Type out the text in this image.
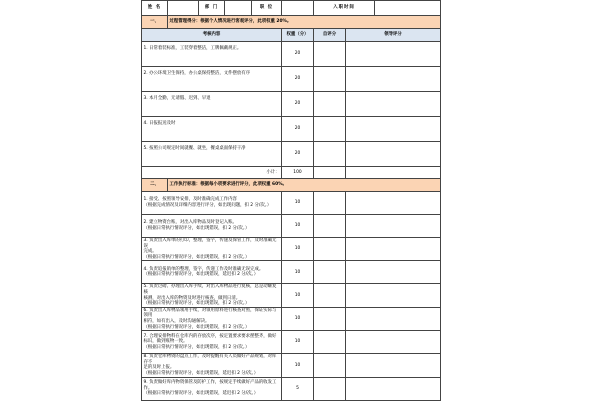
姓 名		部 门		职 位		入职时间		
一、	过程管理得分：根据个人情况进行客观评分，此项权重 20%。							
考核内容					权重（分）	自评分	领导评分	
1. 日常着装标准，工装穿着整洁，工牌佩戴规正。					20			
2. 办公环境卫生保持，办公桌保持整洁，文件摆放有序					20			
3. 本月全勤，无请假、迟到、早退					20			
4. 日报报送及时					20			
5. 按照公司规定时间就餐、就坐，餐桌桌面保持干净					20			
小计：					100			
二、	工作执行标准：根据每小项要求进行评分，此项权重 60%。							

1. 接受、按照领导安排，及时准确完成工作内容
（根据完成情况及详细内容进行评分，如出现问题，扣 2 分/次。）					10			

2. 建立物资台账，对出入库物品及时登记入账。
（根据日常执行情况评分，如出现错误，扣 2 分/次。）					10			

3. 负责出入库单的打印，整理，签字，传递及保管工作，及时准确无误
完成。
（根据日常执行情况评分，如出现错误，扣 2 分/次。）					10			

4. 负责追报销单的整理，签字，传递工作及时准确无误完成。
（根据日常执行情况评分，如出现错误，延迟扣 2 分/次。）					10			

5. 负责过磅、办理出入库手续，对出入库物品进行复核，总是动耀复核
核测，对出入库的物资及时进行核查，做到日清。
（根据日常执行情况评分，如出现错误，扣 2 分/次。）					10			

6. 负责出入库物品领用手续，对领用原料进行核查对照，保证实际与领用
相符，如有出入，及时沟通解决。
（根据日常执行情况评分，如出现错误，扣 2 分/次。）					10			

7. 合理安排物料在仓库内的存放次序，按定置要求要求摆整齐，做好
标识，做到账物一致。
（根据日常执行情况评分，如出现错误，扣 2 分/次。）					10			

8. 负责仓库物资的盘点工作，及时提醒有关人员做好产品规划，对库存不
足的及时上报。
（根据日常执行情况评分，如出现错误，延迟扣 2 分/次。）					10			

9. 负责做好库内物资保管及防护工作，按规定手续做好产品的收发工
作。
（根据日常执行情况评分，如出现错误，延迟扣 2 分/次。）					5			
